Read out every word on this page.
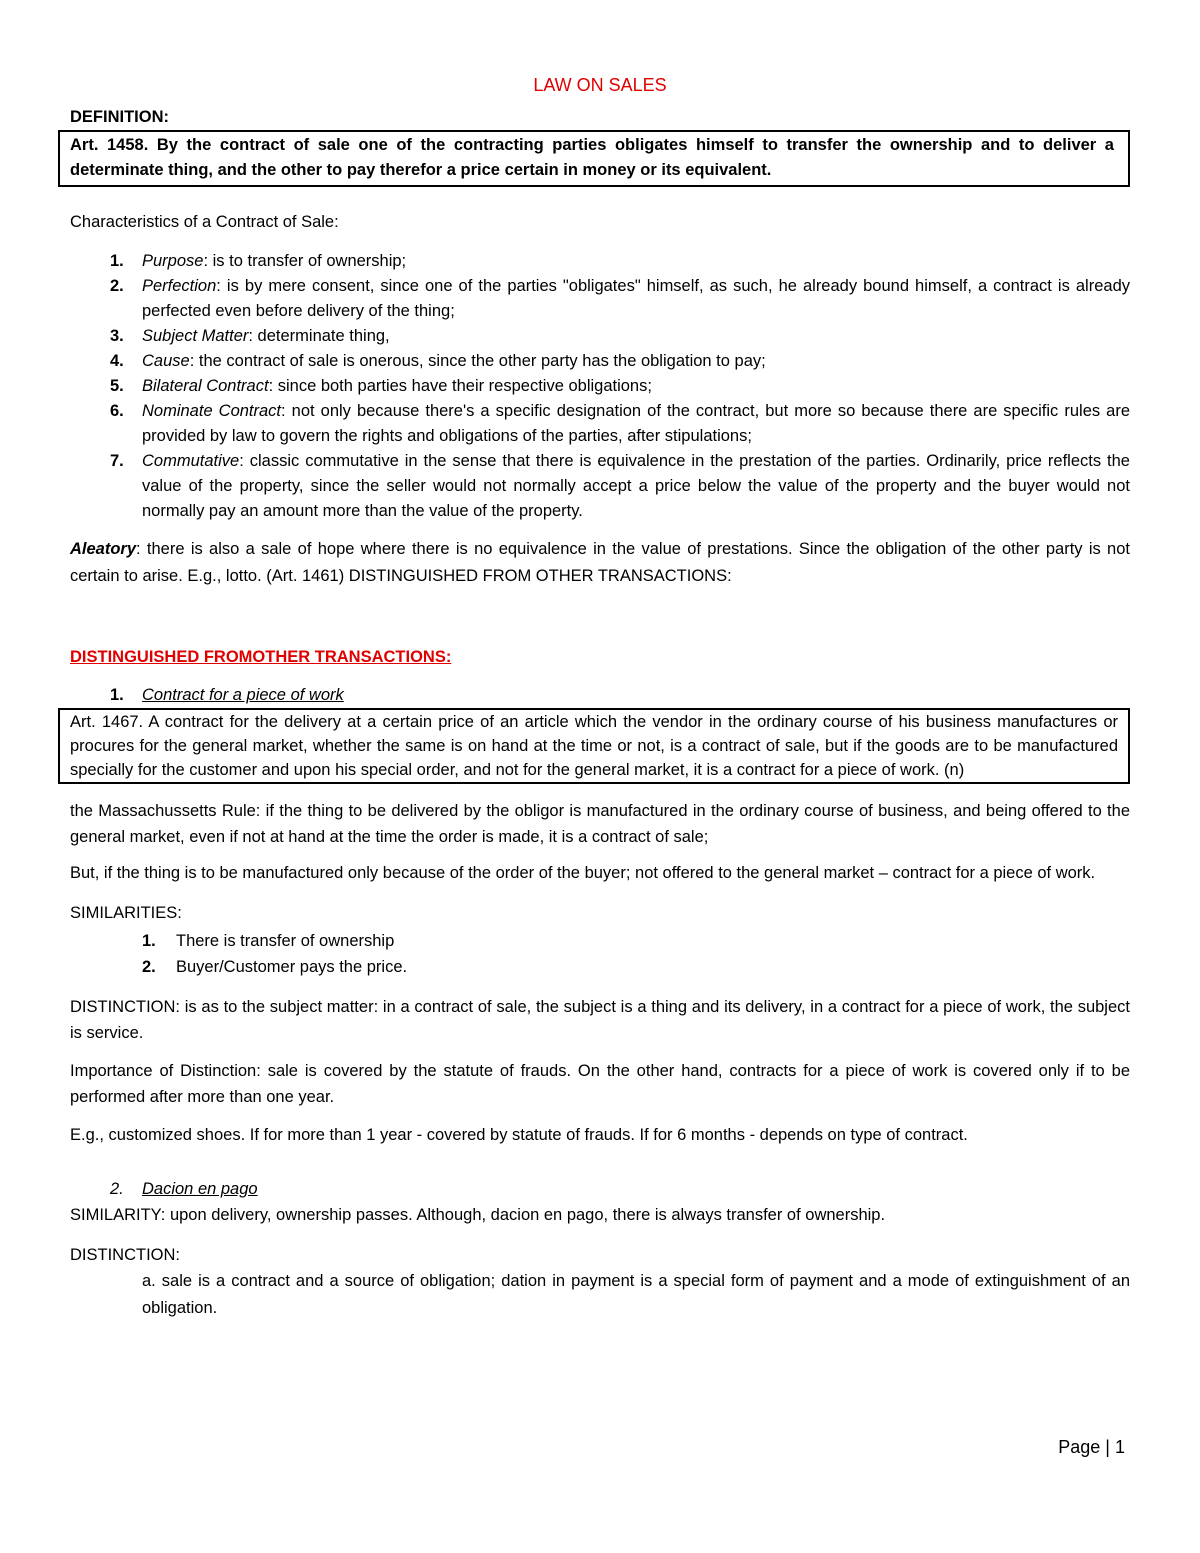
LAW ON SALES

DEFINITION:

Art. 1458. By the contract of sale one of the contracting parties obligates himself to transfer the ownership and to deliver a determinate thing, and the other to pay therefor a price certain in money or its equivalent.

Characteristics of a Contract of Sale:

1. Purpose: is to transfer of ownership;
2. Perfection: is by mere consent, since one of the parties "obligates" himself, as such, he already bound himself, a contract is already perfected even before delivery of the thing;
3. Subject Matter: determinate thing,
4. Cause: the contract of sale is onerous, since the other party has the obligation to pay;
5. Bilateral Contract: since both parties have their respective obligations;
6. Nominate Contract: not only because there's a specific designation of the contract, but more so because there are specific rules are provided by law to govern the rights and obligations of the parties, after stipulations;
7. Commutative: classic commutative in the sense that there is equivalence in the prestation of the parties. Ordinarily, price reflects the value of the property, since the seller would not normally accept a price below the value of the property and the buyer would not normally pay an amount more than the value of the property.

Aleatory: there is also a sale of hope where there is no equivalence in the value of prestations. Since the obligation of the other party is not certain to arise. E.g., lotto. (Art. 1461) DISTINGUISHED FROM OTHER TRANSACTIONS:

DISTINGUISHED FROMOTHER TRANSACTIONS:

1. Contract for a piece of work
Art. 1467. A contract for the delivery at a certain price of an article which the vendor in the ordinary course of his business manufactures or procures for the general market, whether the same is on hand at the time or not, is a contract of sale, but if the goods are to be manufactured specially for the customer and upon his special order, and not for the general market, it is a contract for a piece of work. (n)

the Massachussetts Rule: if the thing to be delivered by the obligor is manufactured in the ordinary course of business, and being offered to the general market, even if not at hand at the time the order is made, it is a contract of sale;

But, if the thing is to be manufactured only because of the order of the buyer; not offered to the general market – contract for a piece of work.

SIMILARITIES:

1. There is transfer of ownership
2. Buyer/Customer pays the price.

DISTINCTION: is as to the subject matter: in a contract of sale, the subject is a thing and its delivery, in a contract for a piece of work, the subject is service.

Importance of Distinction: sale is covered by the statute of frauds. On the other hand, contracts for a piece of work is covered only if to be performed after more than one year.

E.g., customized shoes. If for more than 1 year - covered by statute of frauds. If for 6 months - depends on type of contract.

2. Dacion en pago

SIMILARITY: upon delivery, ownership passes. Although, dacion en pago, there is always transfer of ownership.

DISTINCTION:

a. sale is a contract and a source of obligation; dation in payment is a special form of payment and a mode of extinguishment of an obligation.

Page | 1
